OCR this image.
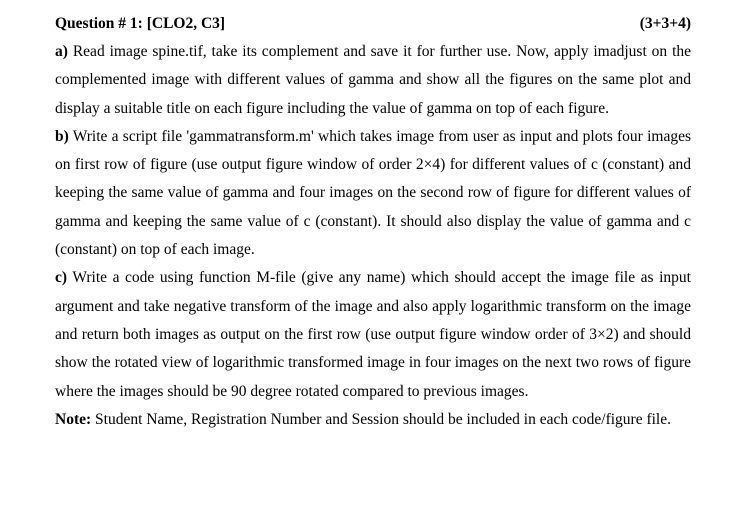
Question # 1: [CLO2, C3]	(3+3+4)

a) Read image spine.tif, take its complement and save it for further use. Now, apply imadjust on the complemented image with different values of gamma and show all the figures on the same plot and display a suitable title on each figure including the value of gamma on top of each figure.

b) Write a script file 'gammatransform.m' which takes image from user as input and plots four images on first row of figure (use output figure window of order 2×4) for different values of c (constant) and keeping the same value of gamma and four images on the second row of figure for different values of gamma and keeping the same value of c (constant). It should also display the value of gamma and c (constant) on top of each image.

c) Write a code using function M-file (give any name) which should accept the image file as input argument and take negative transform of the image and also apply logarithmic transform on the image and return both images as output on the first row (use output figure window order of 3×2) and should show the rotated view of logarithmic transformed image in four images on the next two rows of figure where the images should be 90 degree rotated compared to previous images.

Note: Student Name, Registration Number and Session should be included in each code/figure file.
